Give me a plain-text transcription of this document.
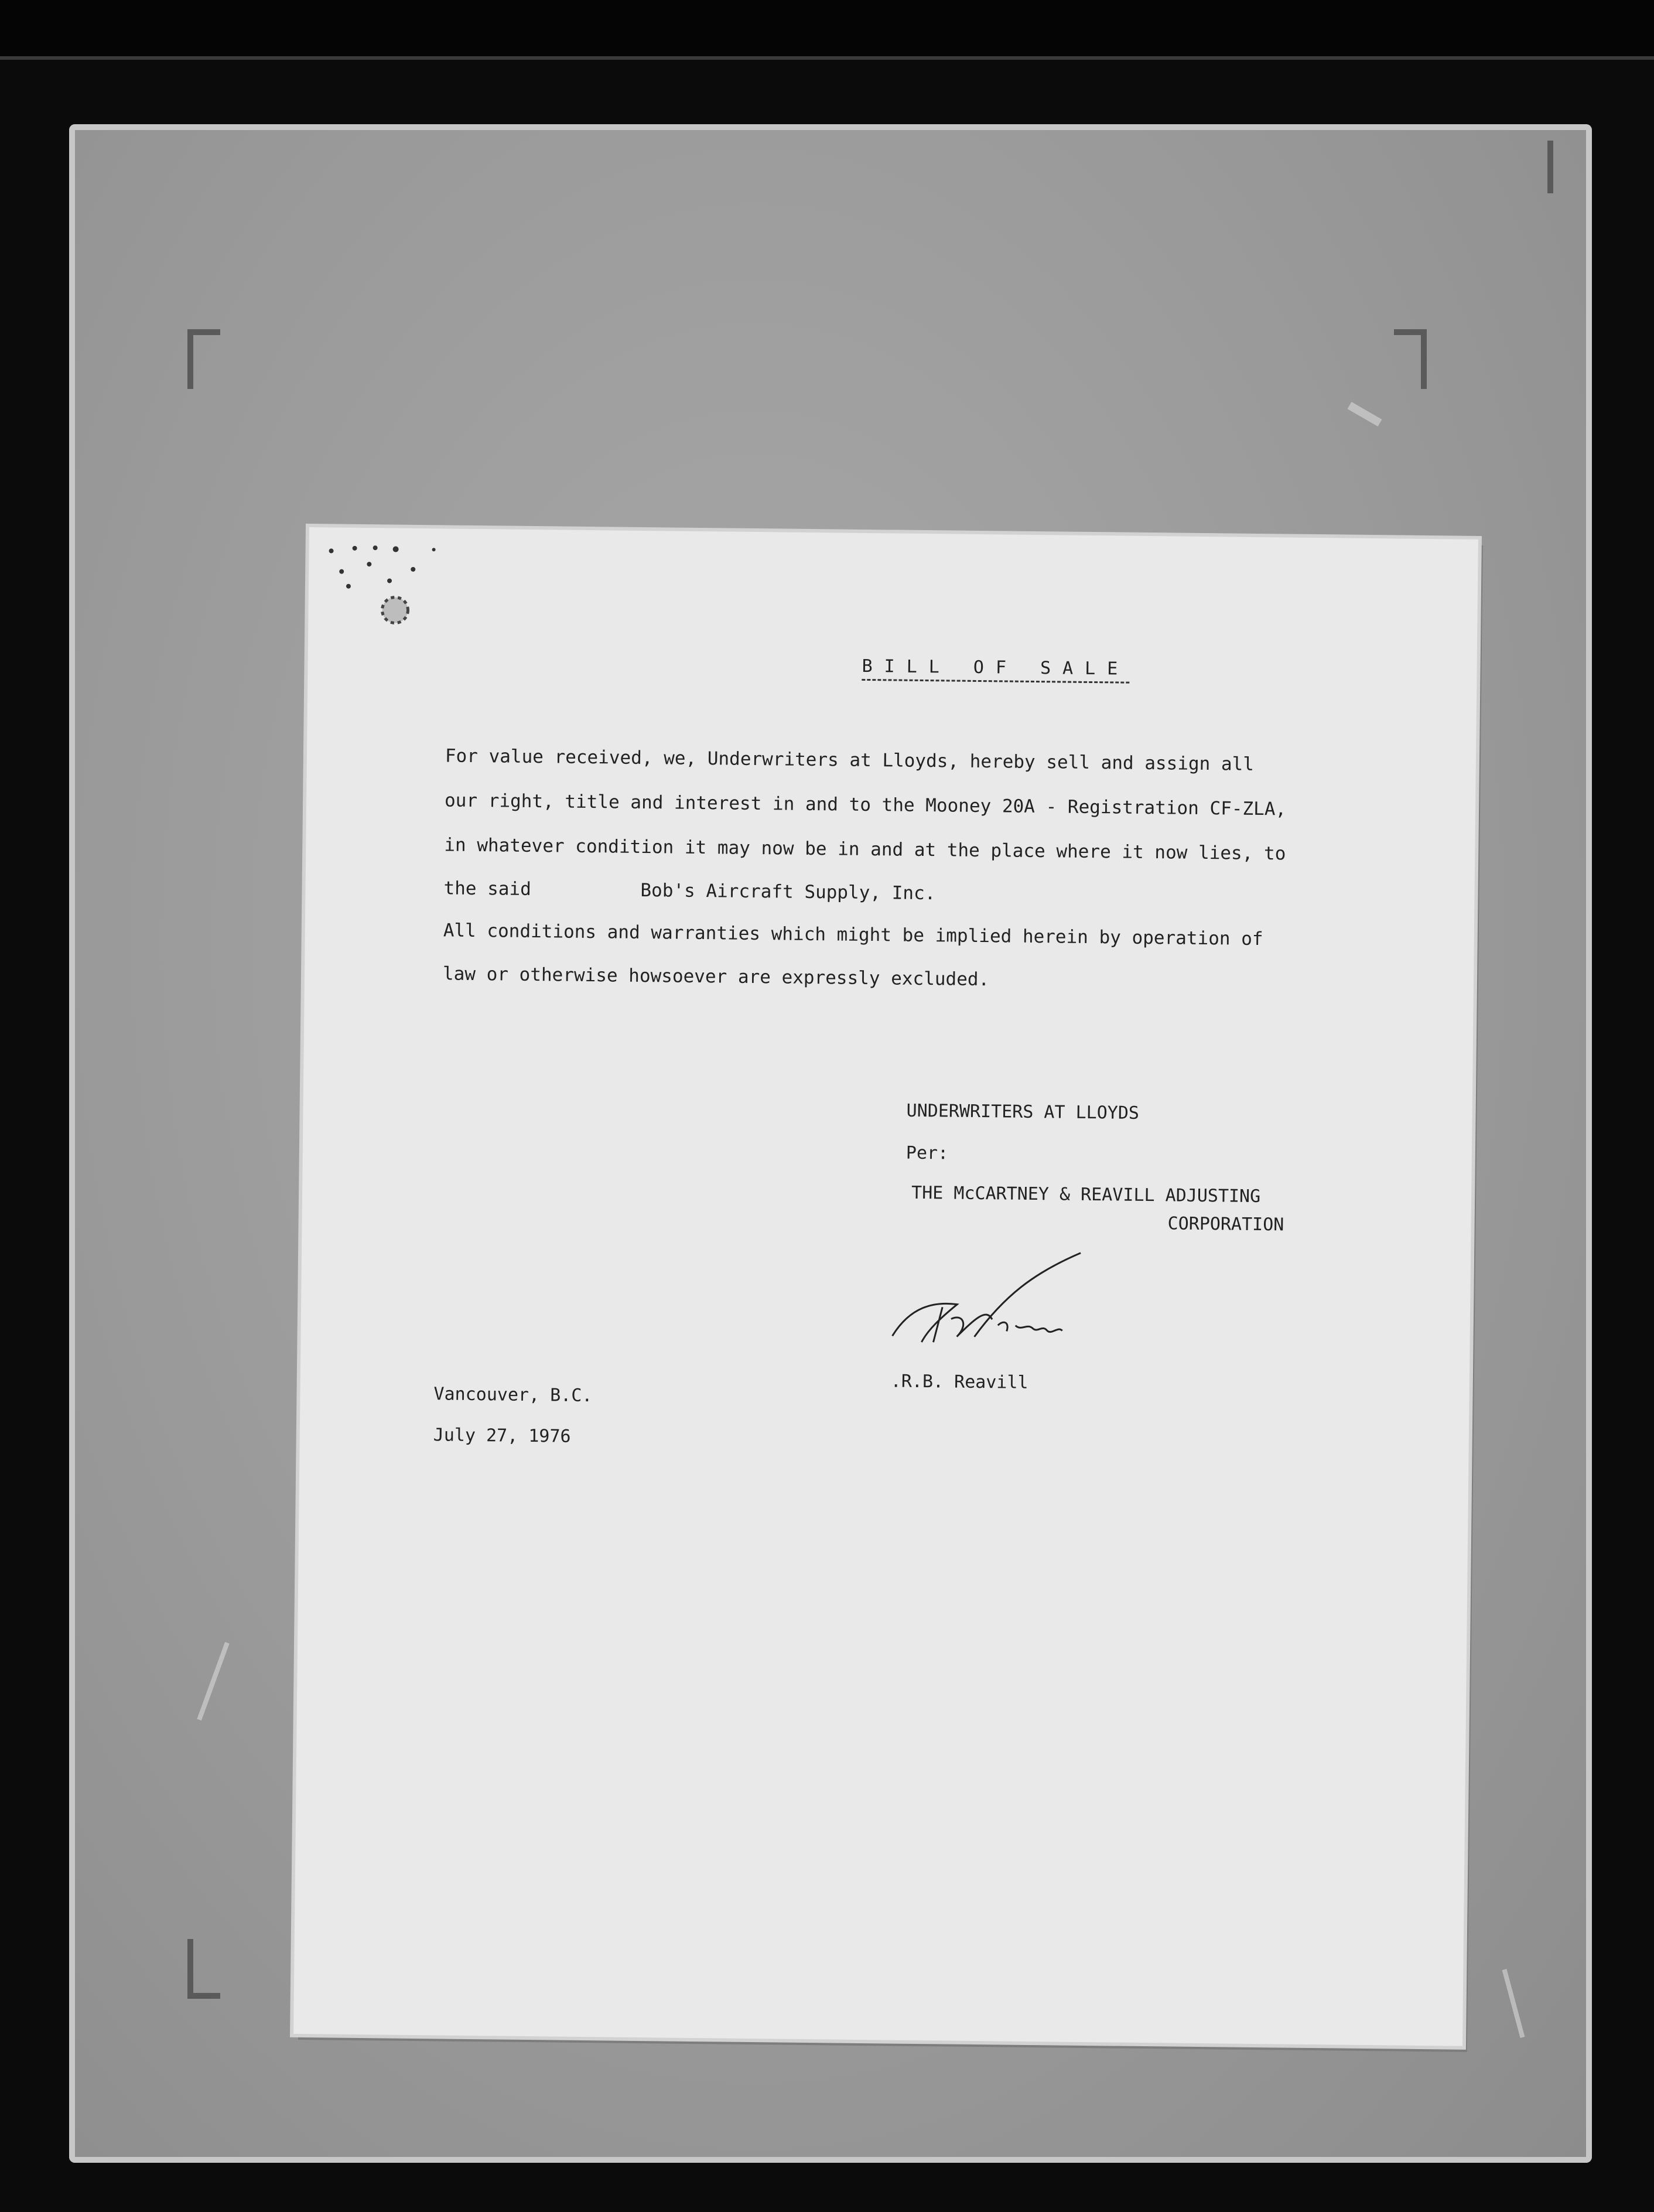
BILL OF SALE
For value received, we, Underwriters at Lloyds, hereby sell and assign all
our right, title and interest in and to the Mooney 20A - Registration CF-ZLA,
in whatever condition it may now be in and at the place where it now lies, to
the said          Bob's Aircraft Supply, Inc.
All conditions and warranties which might be implied herein by operation of
law or otherwise howsoever are expressly excluded.
UNDERWRITERS AT LLOYDS
Per:
THE McCARTNEY & REAVILL ADJUSTING
CORPORATION
.R.B. Reavill
Vancouver, B.C.
July 27, 1976
